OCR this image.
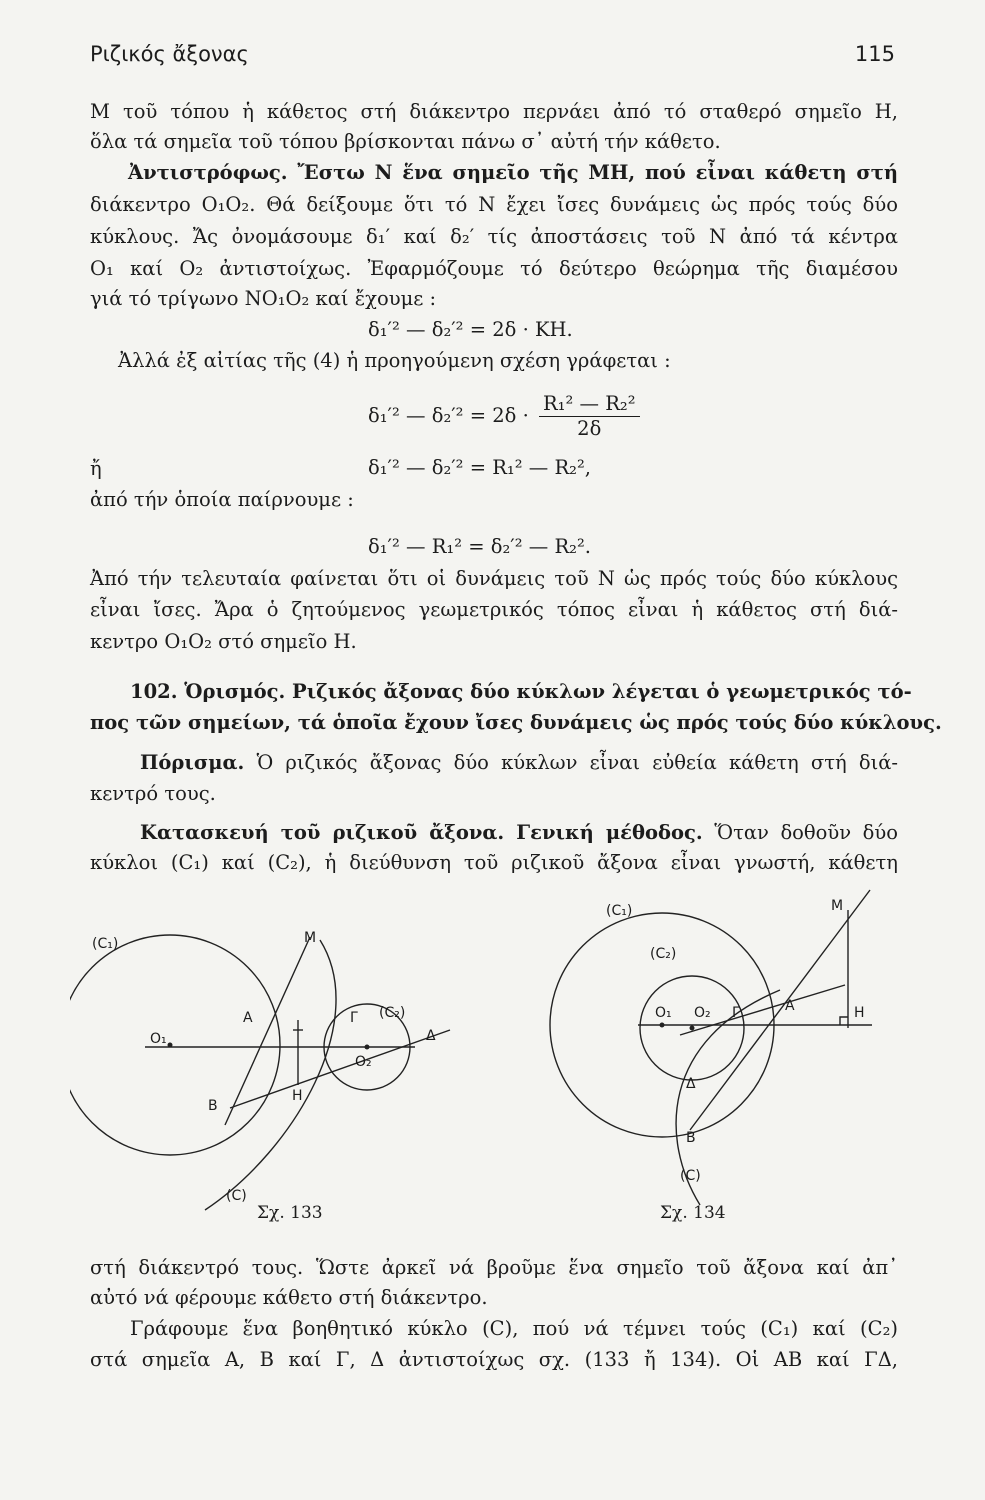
Ριζικός ἄξονας	115
Μ τοῦ τόπου ἡ κάθετος στή διάκεντρο περνάει ἀπό τό σταθερό σημεῖο Η,
ὅλα τά σημεῖα τοῦ τόπου βρίσκονται πάνω σ᾽ αὐτή τήν κάθετο.
Ἀντιστρόφως. Ἔστω Ν ἕνα σημεῖο τῆς ΜΗ, πού εἶναι κάθετη στή
διάκεντρο Ο₁Ο₂. Θά δείξουμε ὅτι τό Ν ἔχει ἴσες δυνάμεις ὡς πρός τούς δύο
κύκλους. Ἄς ὀνομάσουμε δ₁′ καί δ₂′ τίς ἀποστάσεις τοῦ Ν ἀπό τά κέντρα
Ο₁ καί Ο₂ ἀντιστοίχως. Ἐφαρμόζουμε τό δεύτερο θεώρημα τῆς διαμέσου
γιά τό τρίγωνο ΝΟ₁Ο₂ καί ἔχουμε :
δ₁′² — δ₂′² = 2δ · ΚΗ.
Ἀλλά ἐξ αἰτίας τῆς (4) ἡ προηγούμενη σχέση γράφεται :
δ₁′² — $\delta_2'^2 = 2\delta \cdot \frac{\text{R₁² — R₂²}}{2\delta}$
ἤ	δ₁′² — δ₂′² = R₁² — R₂²,
ἀπό τήν ὁποία παίρνουμε :
δ₁′² — R₁² = δ₂′² — R₂².
Ἀπό τήν τελευταία φαίνεται ὅτι οἱ δυνάμεις τοῦ Ν ὡς πρός τούς δύο κύκλους
εἶναι ἴσες. Ἄρα ὁ ζητούμενος γεωμετρικός τόπος εἶναι ἡ κάθετος στή διά-
κεντρο Ο₁Ο₂ στό σημεῖο Η.
102. Ὁρισμός. Ριζικός ἄξονας δύο κύκλων λέγεται ὁ γεωμετρικός τό-
πος τῶν σημείων, τά ὁποῖα ἔχουν ἴσες δυνάμεις ὡς πρός τούς δύο κύκλους.
Πόρισμα. Ὁ ριζικός ἄξονας δύο κύκλων εἶναι εὐθεία κάθετη στή διά-
κεντρό τους.
Κατασκευή τοῦ ριζικοῦ ἄξονα. Γενική μέθοδος. Ὅταν δοθοῦν δύο
κύκλοι (C₁) καί (C₂), ἡ διεύθυνση τοῦ ριζικοῦ ἄξονα εἶναι γνωστή, κάθετη
(C₁)
(C₂)
(C)
Μ
Α
Β
Γ
Δ
Η
Ο₁
Ο₂
Σχ. 133
(C₁)
(C₂)
(C)
Μ
Α
Β
Γ
Δ
Η
Ο₁ Ο₂
Σχ. 134
στή διάκεντρό τους. Ὥστε ἀρκεῖ νά βροῦμε ἕνα σημεῖο τοῦ ἄξονα καί ἀπ᾽
αὐτό νά φέρουμε κάθετο στή διάκεντρο.
Γράφουμε ἕνα βοηθητικό κύκλο (C), πού νά τέμνει τούς (C₁) καί (C₂)
στά σημεῖα Α, Β καί Γ, Δ ἀντιστοίχως σχ. (133 ἤ 134). Οἱ ΑΒ καί ΓΔ,
